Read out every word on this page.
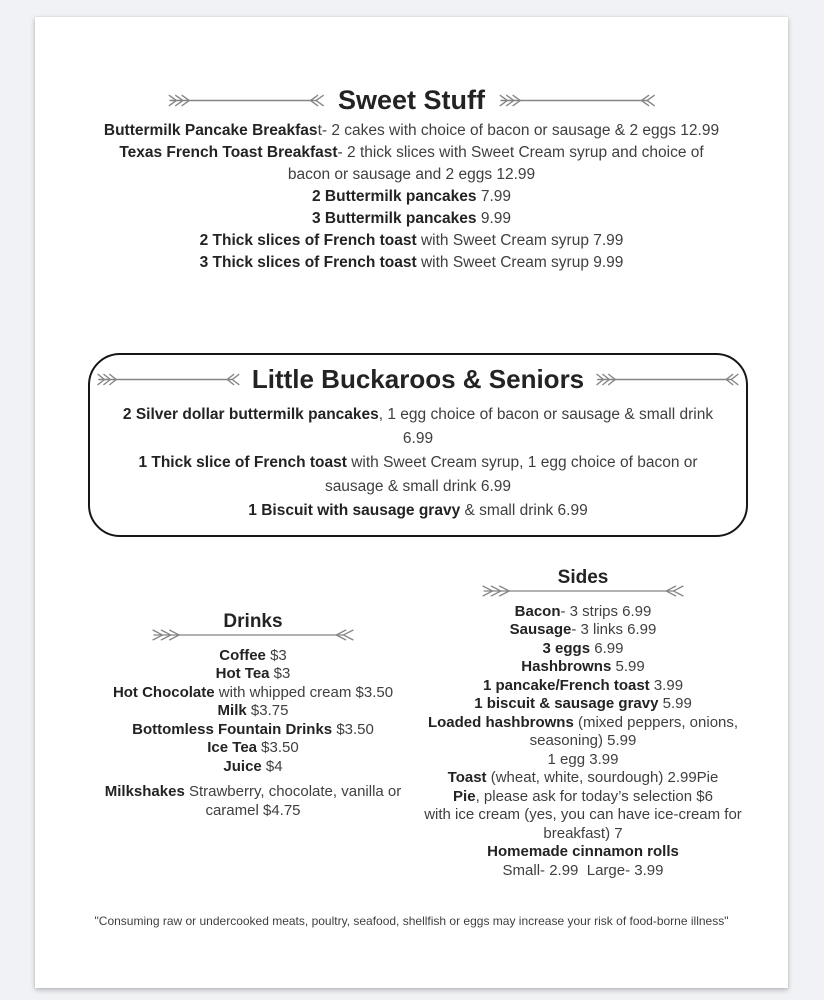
Sweet Stuff

Buttermilk Pancake Breakfast- 2 cakes with choice of bacon or sausage & 2 eggs 12.99

Texas French Toast Breakfast- 2 thick slices with Sweet Cream syrup and choice of bacon or sausage and 2 eggs 12.99

2 Buttermilk pancakes 7.99

3 Buttermilk pancakes 9.99

2 Thick slices of French toast with Sweet Cream syrup 7.99

3 Thick slices of French toast with Sweet Cream syrup 9.99

Little Buckaroos & Seniors

2 Silver dollar buttermilk pancakes, 1 egg choice of bacon or sausage & small drink 6.99

1 Thick slice of French toast with Sweet Cream syrup, 1 egg choice of bacon or sausage & small drink 6.99

1 Biscuit with sausage gravy & small drink 6.99

Drinks

Coffee $3

Hot Tea $3

Hot Chocolate with whipped cream $3.50

Milk $3.75

Bottomless Fountain Drinks $3.50

Ice Tea $3.50

Juice $4

Milkshakes Strawberry, chocolate, vanilla or caramel $4.75

Sides

Bacon- 3 strips 6.99

Sausage- 3 links 6.99

3 eggs 6.99

Hashbrowns 5.99

1 pancake/French toast 3.99

1 biscuit & sausage gravy 5.99

Loaded hashbrowns (mixed peppers, onions, seasoning) 5.99

1 egg 3.99

Toast (wheat, white, sourdough) 2.99Pie

Pie, please ask for today’s selection $6

with ice cream (yes, you can have ice-cream for breakfast) 7

Homemade cinnamon rolls

Small- 2.99  Large- 3.99

"Consuming raw or undercooked meats, poultry, seafood, shellfish or eggs may increase your risk of food-borne illness"
